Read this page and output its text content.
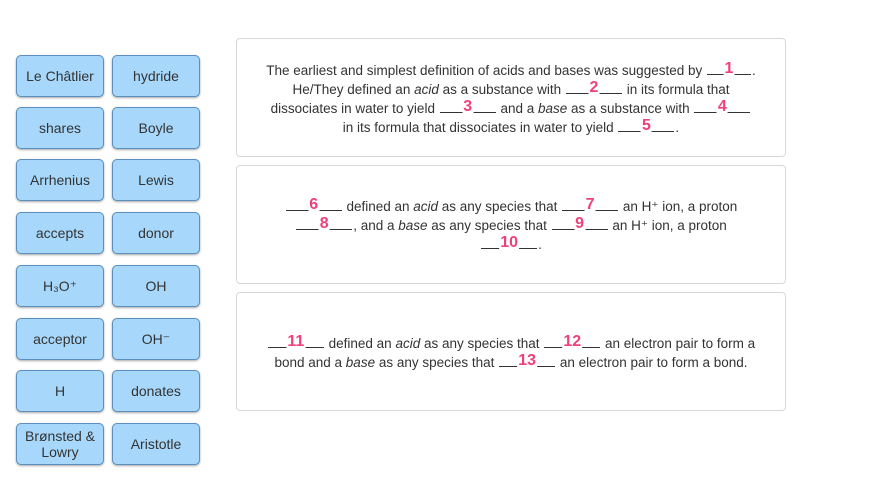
Le Châtlier	hydride
shares	Boyle
Arrhenius	Lewis
accepts	donor
H₃O⁺	OH
acceptor	OH⁻
H	donates
Brønsted & Lowry	Aristotle
The earliest and simplest definition of acids and bases was suggested by 1 . He/They defined an acid as a substance with 2 in its formula that dissociates in water to yield 3 and a base as a substance with 4
in its formula that dissociates in water to yield 5 .
6 defined an acid as any species that 7 an H⁺ ion, a proton
8 , and a base as any species that 9 an H⁺ ion, a proton
10 .
11 defined an acid as any species that 12 an electron pair to form a bond and a base as any species that 13 an electron pair to form a bond.
